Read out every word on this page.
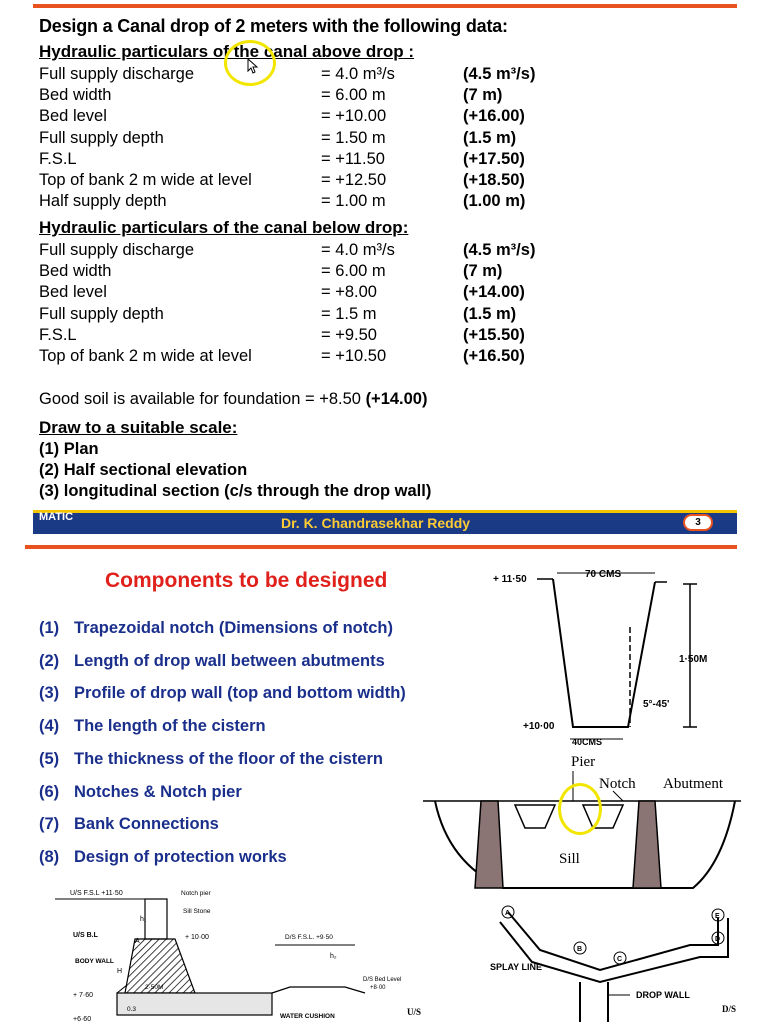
Design a Canal drop of 2 meters with the following data:
Hydraulic particulars of the canal above drop :
Full supply discharge	= 4.0 m³/s	(4.5 m³/s)
Bed width	= 6.00 m	(7 m)
Bed level	= +10.00	(+16.00)
Full supply depth	= 1.50 m	(1.5 m)
F.S.L	= +11.50	(+17.50)
Top of bank 2 m wide at level	= +12.50	(+18.50)
Half supply depth	= 1.00 m	(1.00 m)
Hydraulic particulars of the canal below drop:
Full supply discharge	= 4.0 m³/s	(4.5 m³/s)
Bed width	= 6.00 m	(7 m)
Bed level	= +8.00	(+14.00)
Full supply depth	= 1.5 m	(1.5 m)
F.S.L	= +9.50	(+15.50)
Top of bank 2 m wide at level	= +10.50	(+16.50)
Good soil is available for foundation = +8.50 (+14.00)
Draw to a suitable scale:
(1) Plan
(2) Half sectional elevation
(3) longitudinal section (c/s through the drop wall)
MATIC	Dr. K. Chandrasekhar Reddy	3
Components to be designed
(1) Trapezoidal notch (Dimensions of notch)
(2) Length of drop wall between abutments
(3) Profile of drop wall (top and bottom width)
(4) The length of the cistern
(5) The thickness of the floor of the cistern
(6) Notches & Notch pier
(7) Bank Connections
(8) Design of protection works
+ 11·50	70 CMS
1·50M
5°-45'
+10·00
40CMS
Pier
Notch Abutment
Sill
U/S F.S.L +11·50	Notch pier
Sill Stone
h₁
U/S B.L	+ 10·00
BODY WALL
H
+ 7·60
D/S F.S.L. +9·50
h₂
D/S Bed Level
+8·00
2·50M
0.3
WATER CUSHION
+6·60
U/S
A
B
C
D
E
SPLAY LINE
DROP WALL
D/S
